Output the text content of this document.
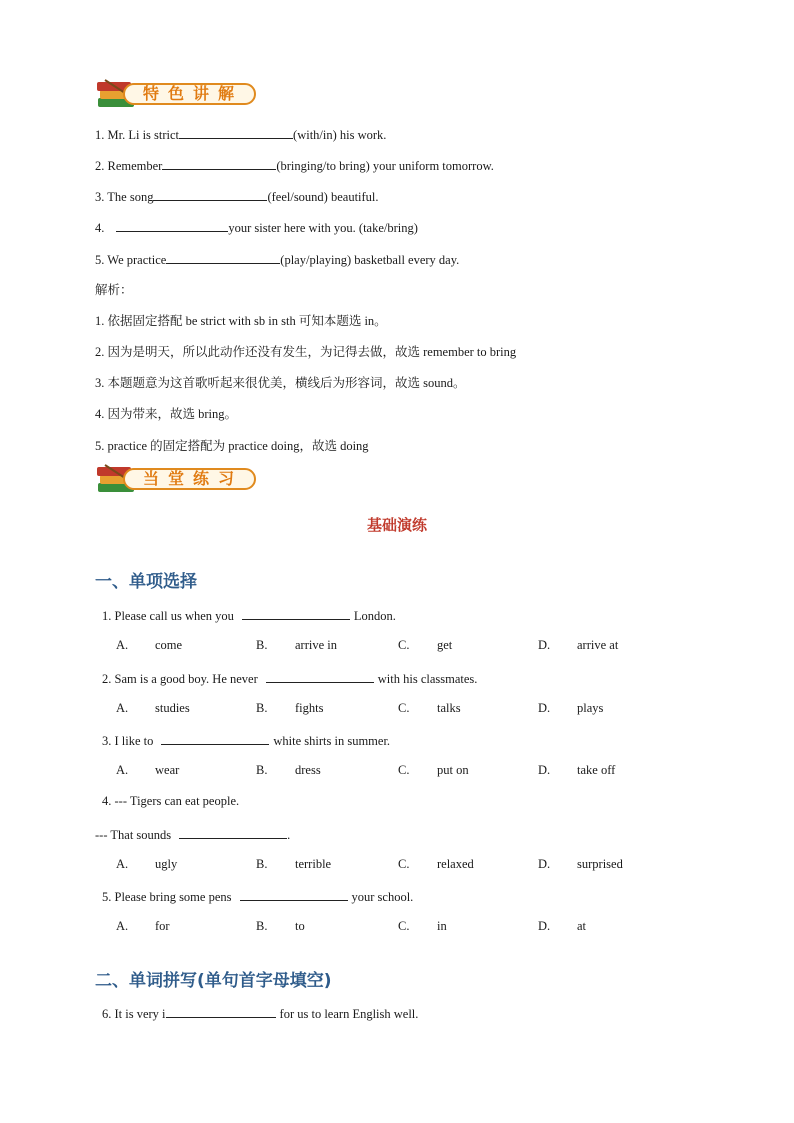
特色讲解
1. Mr. Li is strict	(with/in) his work.
2. Remember	(bringing/to bring) your uniform tomorrow.
3. The song	(feel/sound) beautiful.
4.	your sister here with you. (take/bring)
5. We practice	(play/playing) basketball every day.
解析：
1. 依据固定搭配 be strict with sb in sth 可知本题选 in。
2. 因为是明天，所以此动作还没有发生，为记得去做，故选 remember to bring
3. 本题题意为这首歌听起来很优美，横线后为形容词，故选 sound。
4. 因为带来，故选 bring。
5. practice 的固定搭配为 practice doing，故选 doing
当堂练习
基础演练
一、单项选择
1. Please call us when you	London.
A. come	B. arrive in	C. get	D. arrive at
2. Sam is a good boy. He never	with his classmates.
A. studies	B. fights	C. talks	D. plays
3. I like to	white shirts in summer.
A. wear	B. dress	C. put on	D. take off
4. --- Tigers can eat people.
--- That sounds	.
A. ugly	B. terrible	C. relaxed	D. surprised
5. Please bring some pens	your school.
A. for	B. to	C. in	D. at
二、单词拼写(单句首字母填空)
6. It is very i	for us to learn English well.
